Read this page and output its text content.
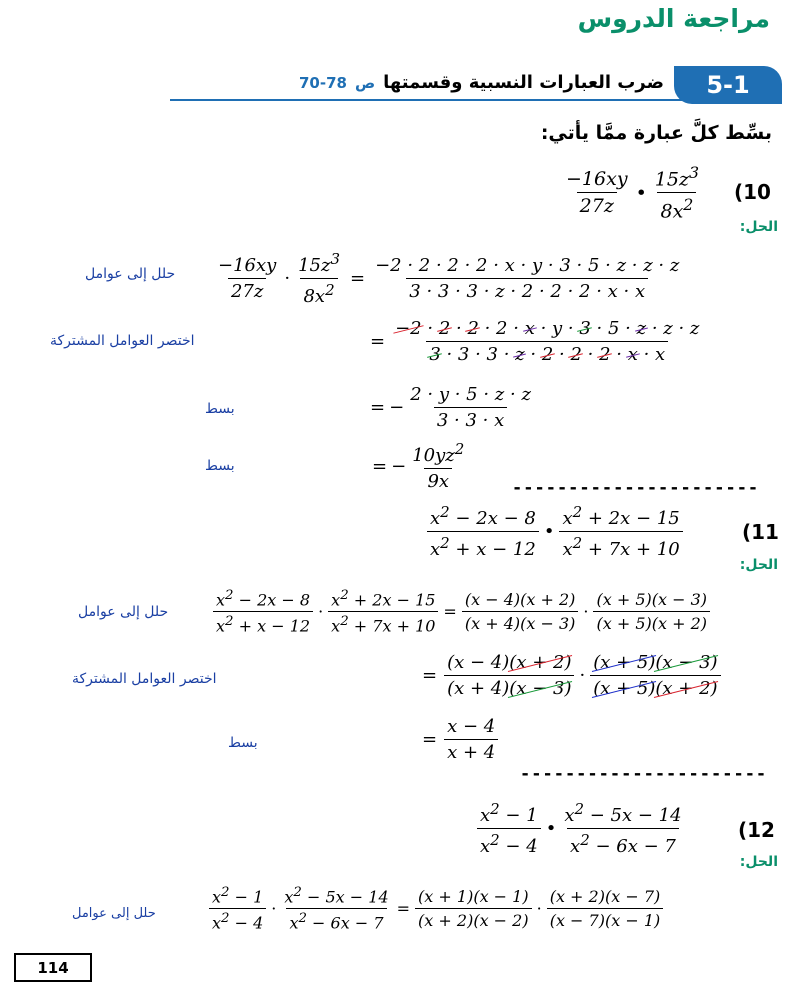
مراجعة الدروس
5-1
ضرب العبارات النسبية وقسمتها
ص
70-78
بسِّط كلَّ عبارة ممَّا يأتي:
$\frac{-16xy}{27z}$ • $\frac{15z^3}{8x^2} (10$
الحل:
حلل إلى عوامل $\frac{-16xy}{27z} \cdot \frac{15z^3}{8x^2} = \frac{-2 \cdot 2 \cdot 2 \cdot 2 \cdot x \cdot y \cdot 3 \cdot 5 \cdot z \cdot z \cdot z}{3 \cdot 3 \cdot 3 \cdot z \cdot 2 \cdot 2 \cdot 2 \cdot x \cdot x}$
اختصر العوامل المشتركة	= $\frac{-2 \cdot 2 \cdot 2 \cdot 2 \cdot x \cdot y \cdot 3 \cdot 5 \cdot z \cdot z \cdot z}{3 \cdot 3 \cdot 3 \cdot z \cdot 2 \cdot 2 \cdot 2 \cdot x \cdot x}$
بسط	= − $\frac{2 \cdot y \cdot 5 \cdot z \cdot z}{3 \cdot 3 \cdot x}$
بسط	= − $\frac{10yz^2}{9x}$	----------------------
$\frac{x^2 - 2x - 8}{x^2 + x - 12}$ • $\frac{x^2 + 2x - 15}{x^2 + 7x + 10}$	(11
الحل:
حلل إلى عوامل	$\frac{x^2 - 2x - 8}{x^2 + x - 12} \cdot \frac{x^2 + 2x - 15}{x^2 + 7x + 10} = \frac{(x - 4)(x + 2)}{(x + 4)(x - 3)} \cdot \frac{(x + 5)(x - 3)}{(x + 5)(x + 2)}$
اختصر العوامل المشتركة	= $\frac{(x - 4)(x + 2)}{(x + 4)(x - 3)} \cdot \frac{(x + 5)(x - 3)}{(x + 5)(x + 2)}$
بسط	= $\frac{x - 4}{x + 4}$
----------------------
$\frac{x^2 - 1}{x^2 - 4}$ • $\frac{x^2 - 5x - 14}{x^2 - 6x - 7}$	(12
الحل:
حلل إلى عوامل	$\frac{x^2 - 1}{x^2 - 4} \cdot \frac{x^2 - 5x - 14}{x^2 - 6x - 7} = \frac{(x + 1)(x - 1)}{(x + 2)(x - 2)} \cdot \frac{(x + 2)(x - 7)}{(x - 7)(x - 1)}$
114
